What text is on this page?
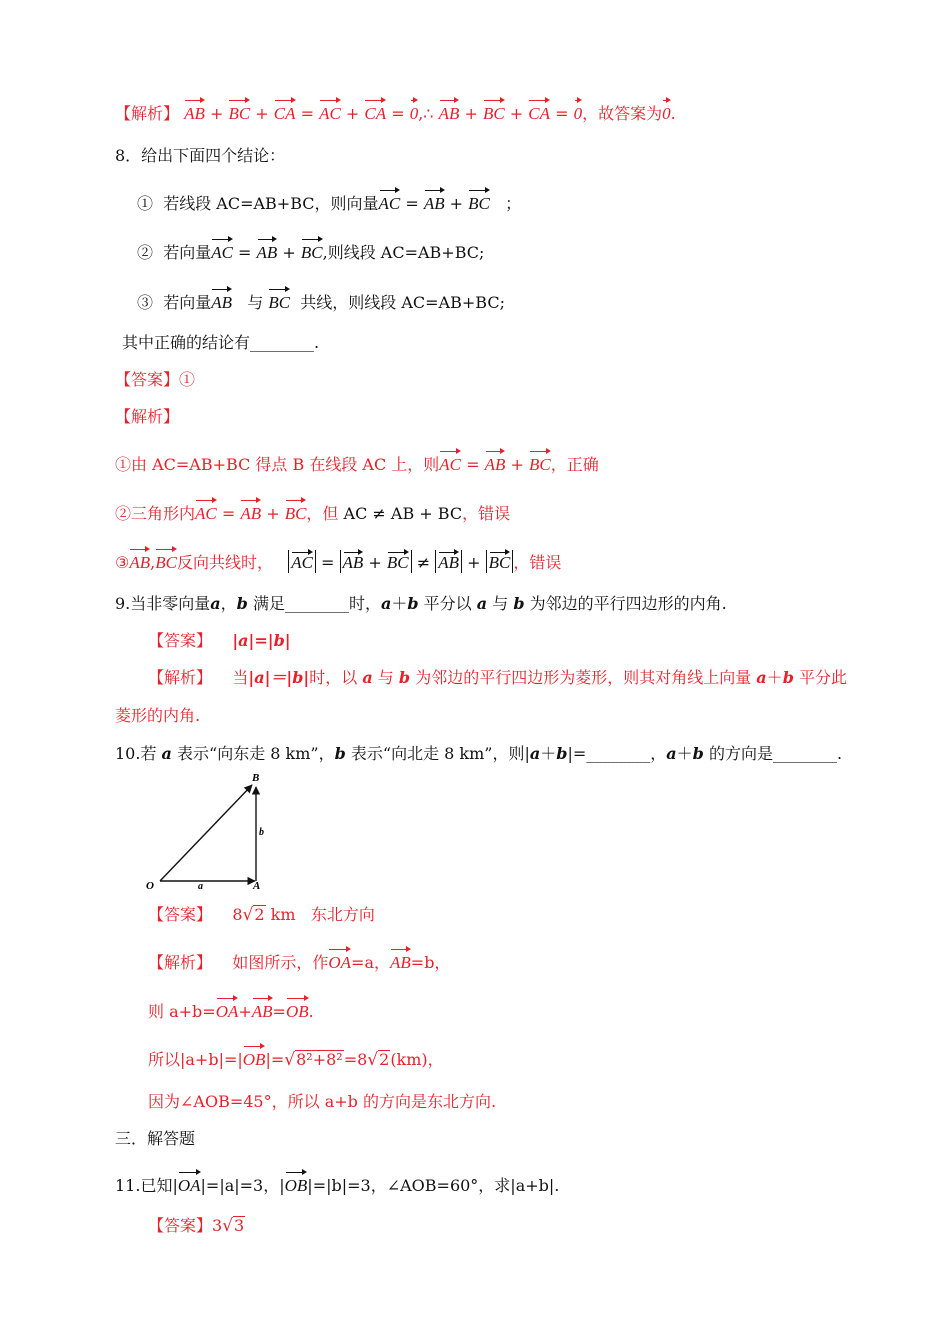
【解析】 AB + BC + CA = AC + CA = 0,∴ AB + BC + CA = 0，故答案为0.
8．给出下面四个结论：
① 若线段 AC=AB+BC，则向量AC = AB + BC ；
② 若向量AC = AB + BC,则线段 AC=AB+BC;
③ 若向量AB 与 BC 共线，则线段 AC=AB+BC;
其中正确的结论有________.
【答案】①
【解析】
①由 AC=AB+BC 得点 B 在线段 AC 上，则AC = AB + BC，正确
②三角形内AC = AB + BC，但 AC ≠ AB + BC，错误
③AB,BC反向共线时， AC = AB + BC ≠ AB + BC ，错误
9.当非零向量a，b 满足________时，a＋b 平分以 a 与 b 为邻边的平行四边形的内角.
【答案】 |a|=|b|
【解析】 当|a|＝|b|时，以 a 与 b 为邻边的平行四边形为菱形，则其对角线上向量 a＋b 平分此
菱形的内角.
10.若 a 表示“向东走 8 km”，b 表示“向北走 8 km”，则|a＋b|=________，a＋b 的方向是________.
B
O	A
a
b
【答案】 8√2 km 东北方向
【解析】 如图所示，作OA=a，AB=b，
则 a+b=OA+AB=OB.
所以|a+b|=|OB|=√8²+8²=8√2(km)，
因为∠AOB=45°，所以 a+b 的方向是东北方向.
三．解答题
11.已知|OA|=|a|=3，|OB|=|b|=3，∠AOB=60°，求|a+b|.
【答案】3√3
